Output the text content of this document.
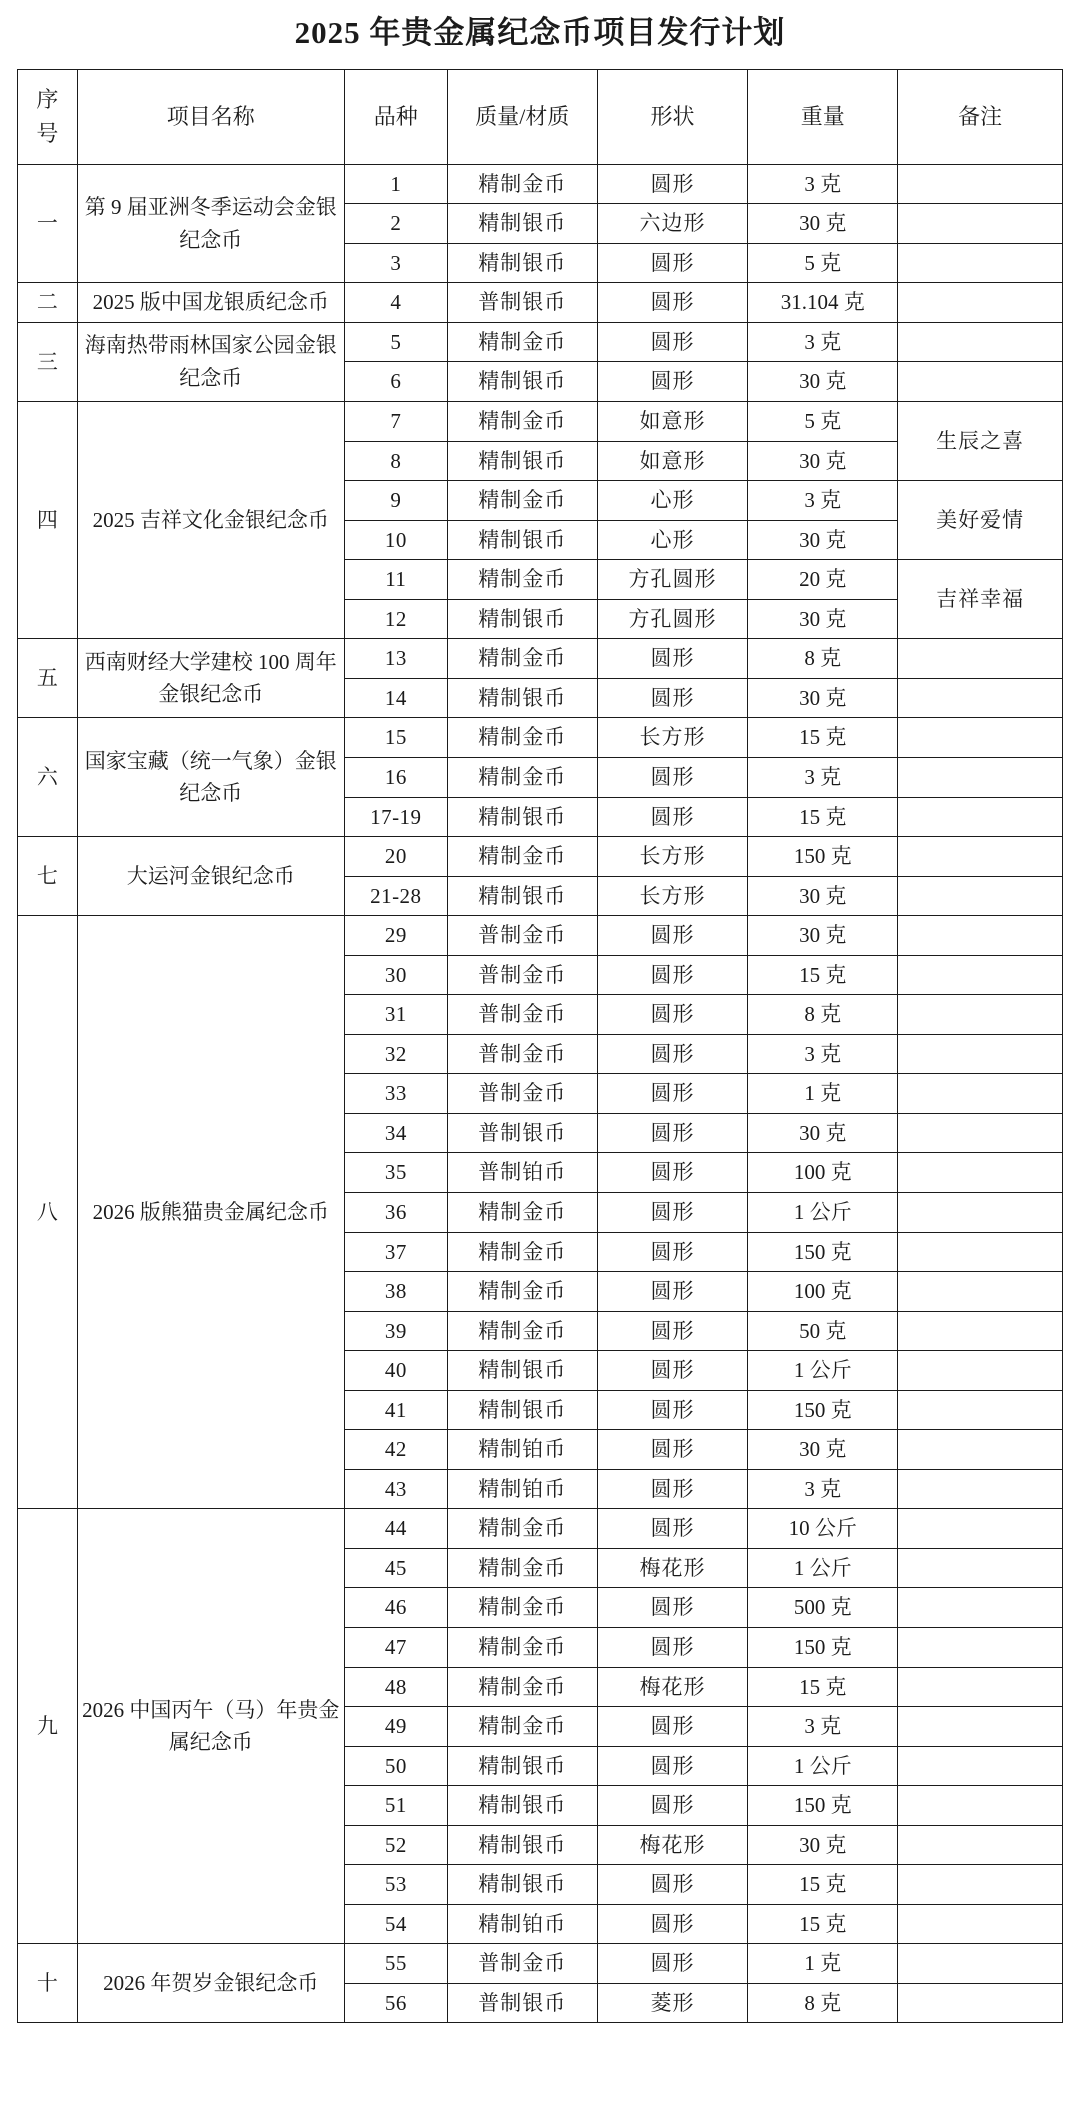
2025 年贵金属纪念币项目发行计划
序
号	项目名称	品种	质量/材质	形状	重量	备注
一	第 9 届亚洲冬季运动会金银纪念币	1	精制金币	圆形	3 克	
		2	精制银币	六边形	30 克	
		3	精制银币	圆形	5 克	
二	2025 版中国龙银质纪念币	4	普制银币	圆形	31.104 克	
三	海南热带雨林国家公园金银纪念币	5	精制金币	圆形	3 克	
		6	精制银币	圆形	30 克	
四	2025 吉祥文化金银纪念币	7	精制金币	如意形	5 克	生辰之喜
		8	精制银币	如意形	30 克	
		9	精制金币	心形	3 克	美好爱情
		10	精制银币	心形	30 克	
		11	精制金币	方孔圆形	20 克	吉祥幸福
		12	精制银币	方孔圆形	30 克	
五	西南财经大学建校 100 周年金银纪念币	13	精制金币	圆形	8 克	
		14	精制银币	圆形	30 克	
六	国家宝藏（统一气象）金银纪念币	15	精制金币	长方形	15 克	
		16	精制金币	圆形	3 克	
		17-19	精制银币	圆形	15 克	
七	大运河金银纪念币	20	精制金币	长方形	150 克	
		21-28	精制银币	长方形	30 克	
八	2026 版熊猫贵金属纪念币	29	普制金币	圆形	30 克	
		30	普制金币	圆形	15 克	
		31	普制金币	圆形	8 克	
		32	普制金币	圆形	3 克	
		33	普制金币	圆形	1 克	
		34	普制银币	圆形	30 克	
		35	普制铂币	圆形	100 克	
		36	精制金币	圆形	1 公斤	
		37	精制金币	圆形	150 克	
		38	精制金币	圆形	100 克	
		39	精制金币	圆形	50 克	
		40	精制银币	圆形	1 公斤	
		41	精制银币	圆形	150 克	
		42	精制铂币	圆形	30 克	
		43	精制铂币	圆形	3 克	
九	2026 中国丙午（马）年贵金属纪念币	44	精制金币	圆形	10 公斤	
		45	精制金币	梅花形	1 公斤	
		46	精制金币	圆形	500 克	
		47	精制金币	圆形	150 克	
		48	精制金币	梅花形	15 克	
		49	精制金币	圆形	3 克	
		50	精制银币	圆形	1 公斤	
		51	精制银币	圆形	150 克	
		52	精制银币	梅花形	30 克	
		53	精制银币	圆形	15 克	
		54	精制铂币	圆形	15 克	
十	2026 年贺岁金银纪念币	55	普制金币	圆形	1 克	
		56	普制银币	菱形	8 克	
